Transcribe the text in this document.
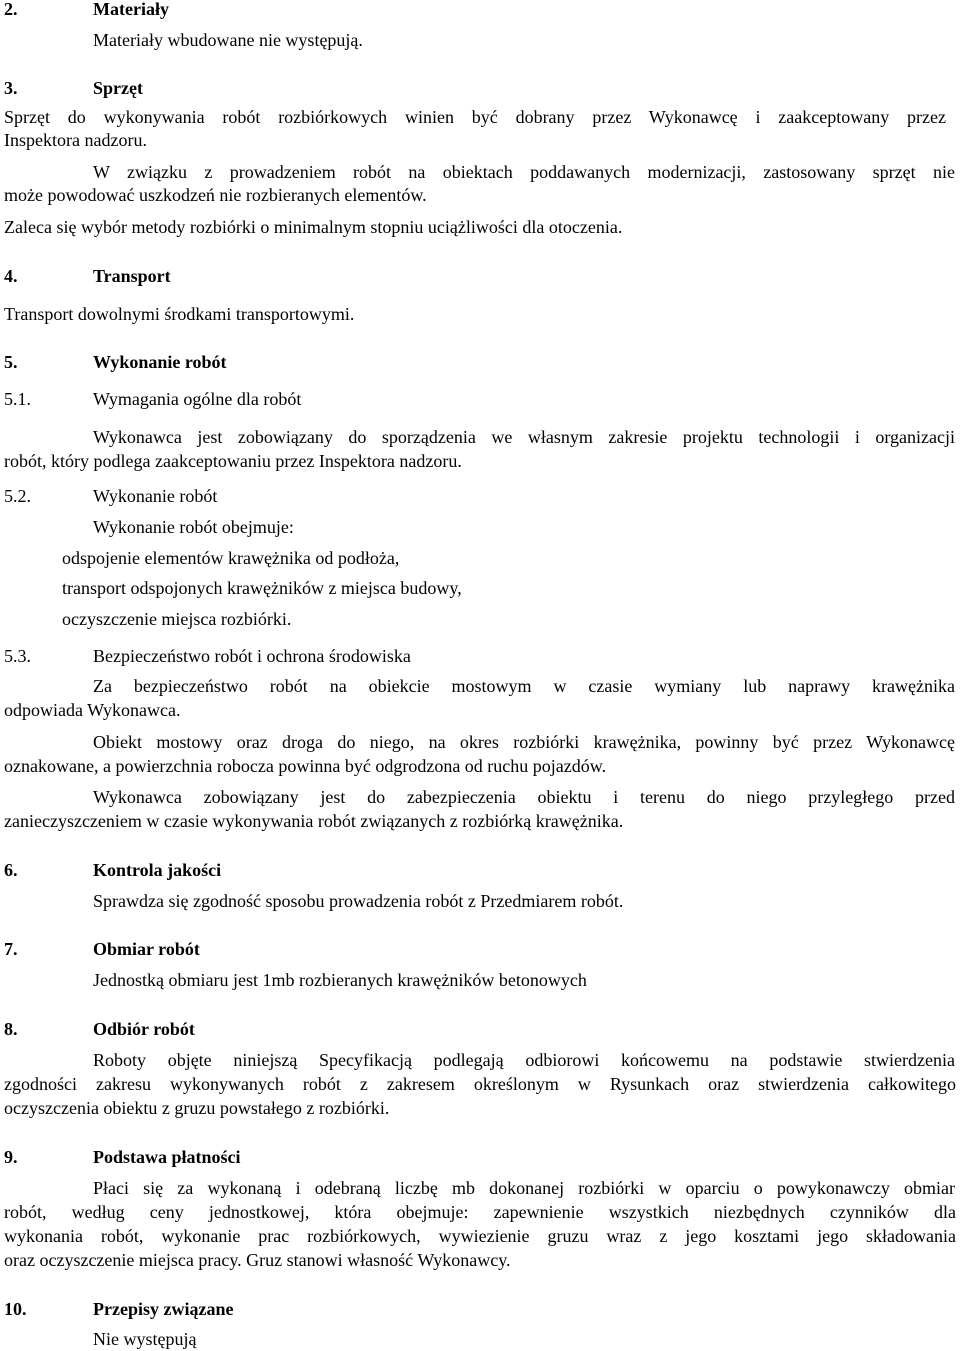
2.	Materiały
Materiały wbudowane nie występują.
3.	Sprzęt
Sprzęt do wykonywania robót rozbiórkowych winien być dobrany przez Wykonawcę i zaakceptowany przez
Inspektora nadzoru.
W związku z prowadzeniem robót na obiektach poddawanych modernizacji, zastosowany sprzęt nie
może powodować uszkodzeń nie rozbieranych elementów.
Zaleca się wybór metody rozbiórki o minimalnym stopniu uciążliwości dla otoczenia.
4.	Transport
Transport dowolnymi środkami transportowymi.
5.	Wykonanie robót
5.1.	Wymagania ogólne dla robót
Wykonawca jest zobowiązany do sporządzenia we własnym zakresie projektu technologii i organizacji
robót, który podlega zaakceptowaniu przez Inspektora nadzoru.
5.2.	Wykonanie robót
Wykonanie robót obejmuje:
odspojenie elementów krawężnika od podłoża,
transport odspojonych krawężników z miejsca budowy,
oczyszczenie miejsca rozbiórki.
5.3.	Bezpieczeństwo robót i ochrona środowiska
Za bezpieczeństwo robót na obiekcie mostowym w czasie wymiany lub naprawy krawężnika
odpowiada Wykonawca.
Obiekt mostowy oraz droga do niego, na okres rozbiórki krawężnika, powinny być przez Wykonawcę
oznakowane, a powierzchnia robocza powinna być odgrodzona od ruchu pojazdów.
Wykonawca zobowiązany jest do zabezpieczenia obiektu i terenu do niego przyległego przed
zanieczyszczeniem w czasie wykonywania robót związanych z rozbiórką krawężnika.
6.	Kontrola jakości
Sprawdza się zgodność sposobu prowadzenia robót z Przedmiarem robót.
7.	Obmiar robót
Jednostką obmiaru jest 1mb rozbieranych krawężników betonowych
8.	Odbiór robót
Roboty objęte niniejszą Specyfikacją podlegają odbiorowi końcowemu na podstawie stwierdzenia
zgodności zakresu wykonywanych robót z zakresem określonym w Rysunkach oraz stwierdzenia całkowitego
oczyszczenia obiektu z gruzu powstałego z rozbiórki.
9.	Podstawa płatności
Płaci się za wykonaną i odebraną liczbę mb dokonanej rozbiórki w oparciu o powykonawczy obmiar
robót, według ceny jednostkowej, która obejmuje: zapewnienie wszystkich niezbędnych czynników dla
wykonania robót, wykonanie prac rozbiórkowych, wywiezienie gruzu wraz z jego kosztami jego składowania
oraz oczyszczenie miejsca pracy. Gruz stanowi własność Wykonawcy.
10.	Przepisy związane
Nie występują
